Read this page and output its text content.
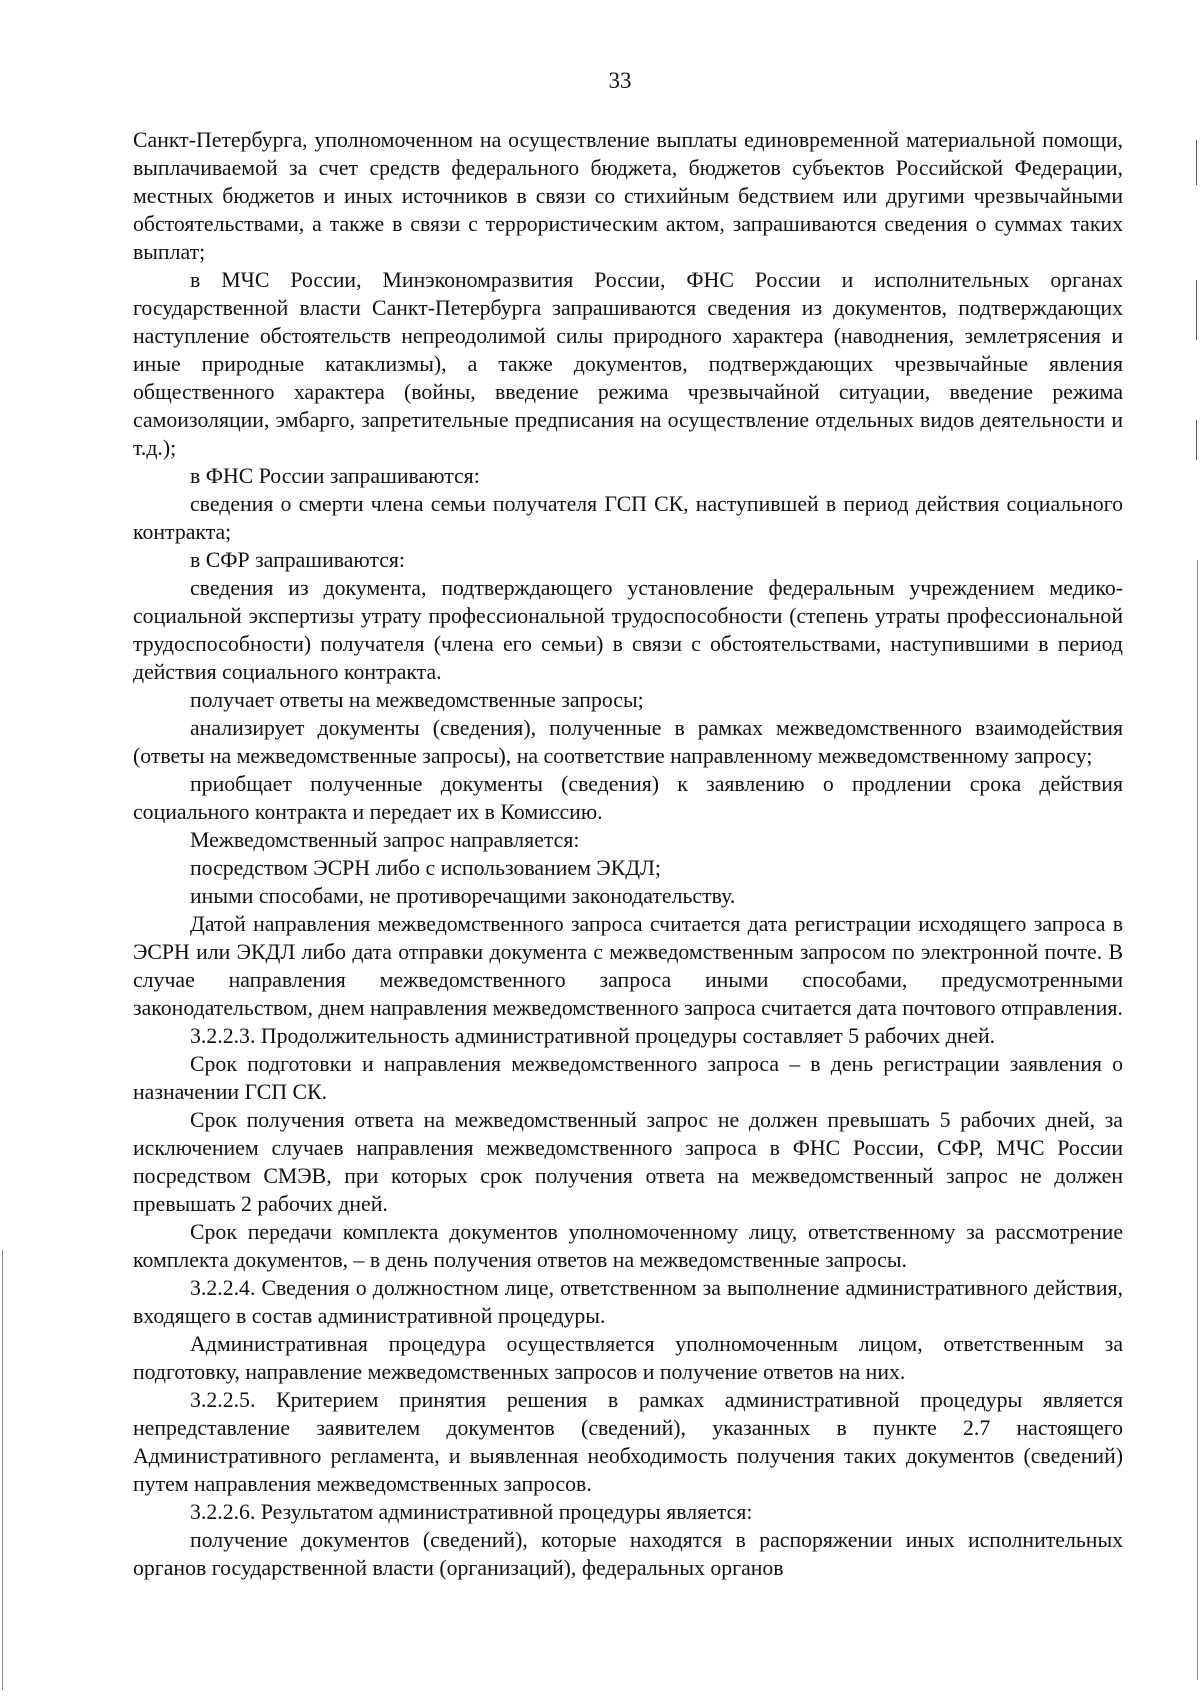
33

Санкт-Петербурга, уполномоченном на осуществление выплаты единовременной материальной помощи, выплачиваемой за счет средств федерального бюджета, бюджетов субъектов Российской Федерации, местных бюджетов и иных источников в связи со стихийным бедствием или другими чрезвычайными обстоятельствами, а также в связи с террористическим актом, запрашиваются сведения о суммах таких выплат;

в МЧС России, Минэкономразвития России, ФНС России и исполнительных органах государственной власти Санкт-Петербурга запрашиваются сведения из документов, подтверждающих наступление обстоятельств непреодолимой силы природного характера (наводнения, землетрясения и иные природные катаклизмы), а также документов, подтверждающих чрезвычайные явления общественного характера (войны, введение режима чрезвычайной ситуации, введение режима самоизоляции, эмбарго, запретительные предписания на осуществление отдельных видов деятельности и т.д.);

в ФНС России запрашиваются:

сведения о смерти члена семьи получателя ГСП СК, наступившей в период действия социального контракта;

в СФР запрашиваются:

сведения из документа, подтверждающего установление федеральным учреждением медико-социальной экспертизы утрату профессиональной трудоспособности (степень утраты профессиональной трудоспособности) получателя (члена его семьи) в связи с обстоятельствами, наступившими в период действия социального контракта.

получает ответы на межведомственные запросы;

анализирует документы (сведения), полученные в рамках межведомственного взаимодействия (ответы на межведомственные запросы), на соответствие направленному межведомственному запросу;

приобщает полученные документы (сведения) к заявлению о продлении срока действия социального контракта и передает их в Комиссию.

Межведомственный запрос направляется:

посредством ЭСРН либо с использованием ЭКДЛ;

иными способами, не противоречащими законодательству.

Датой направления межведомственного запроса считается дата регистрации исходящего запроса в ЭСРН или ЭКДЛ либо дата отправки документа с межведомственным запросом по электронной почте. В случае направления межведомственного запроса иными способами, предусмотренными законодательством, днем направления межведомственного запроса считается дата почтового отправления.

3.2.2.3. Продолжительность административной процедуры составляет 5 рабочих дней.

Срок подготовки и направления межведомственного запроса – в день регистрации заявления о назначении ГСП СК.

Срок получения ответа на межведомственный запрос не должен превышать 5 рабочих дней, за исключением случаев направления межведомственного запроса в ФНС России, СФР, МЧС России посредством СМЭВ, при которых срок получения ответа на межведомственный запрос не должен превышать 2 рабочих дней.

Срок передачи комплекта документов уполномоченному лицу, ответственному за рассмотрение комплекта документов, – в день получения ответов на межведомственные запросы.

3.2.2.4. Сведения о должностном лице, ответственном за выполнение административного действия, входящего в состав административной процедуры.

Административная процедура осуществляется уполномоченным лицом, ответственным за подготовку, направление межведомственных запросов и получение ответов на них.

3.2.2.5. Критерием принятия решения в рамках административной процедуры является непредставление заявителем документов (сведений), указанных в пункте 2.7 настоящего Административного регламента, и выявленная необходимость получения таких документов (сведений) путем направления межведомственных запросов.

3.2.2.6. Результатом административной процедуры является:

получение документов (сведений), которые находятся в распоряжении иных исполнительных органов государственной власти (организаций), федеральных органов
